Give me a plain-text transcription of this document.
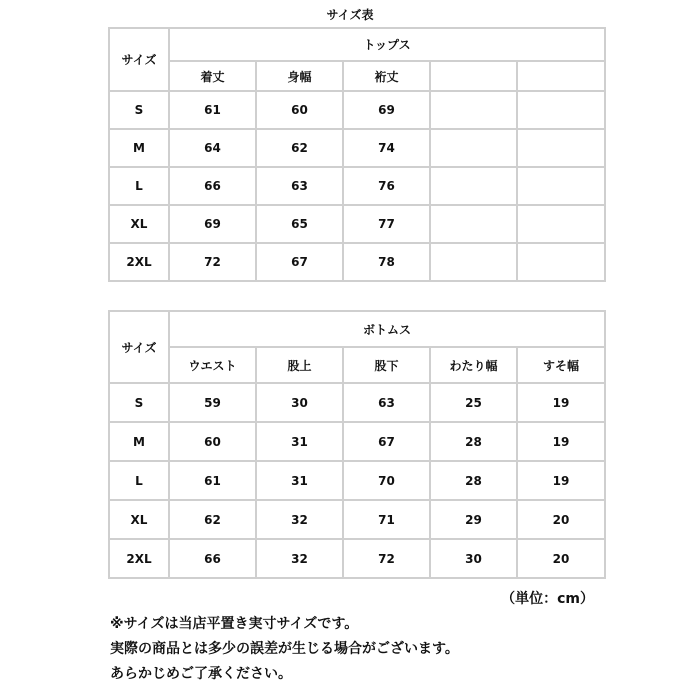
サイズ表
サイズ	トップス				
	着丈	身幅	裄丈		
S	61	60	69		
M	64	62	74		
L	66	63	76		
XL	69	65	77		
2XL	72	67	78		
サイズ	ボトムス				
	ウエスト	股上	股下	わたり幅	すそ幅
S	59	30	63	25	19
M	60	31	67	28	19
L	61	31	70	28	19
XL	62	32	71	29	20
2XL	66	32	72	30	20
（単位：cm）
※サイズは当店平置き実寸サイズです。
実際の商品とは多少の誤差が生じる場合がございます。
あらかじめご了承ください。
